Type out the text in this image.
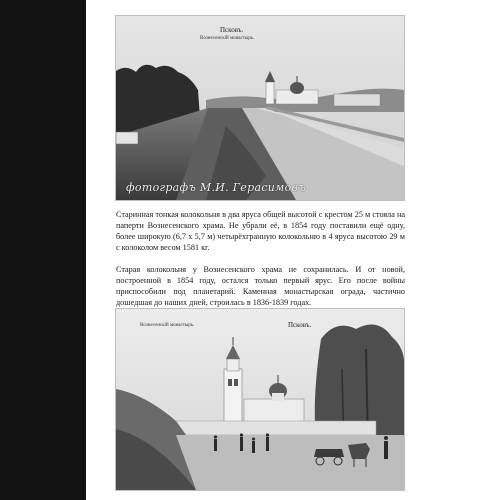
Псковъ.
Вознесенскій монастырь.
фотографъ М.И. Герасимовъ
Старинная тонкая колокольня в два яруса общей высотой с крестом 25 м стояла на паперти Вознесенского храма. Не убрали её, в 1854 году поставили ещё одну, более широкую (6,7 х 5,7 м) четырёхгранную колокольню в 4 яруса высотою 29 м с колоколом весом 1581 кг.
Старая колокольня у Вознесенского храма не сохранилась. И от новой, построенной в 1854 году, остался только первый ярус. Его после войны приспособили под планетарий. Каменная монастырская ограда, частично дошедшая до наших дней, строилась в 1836-1839 годах.
Вознесенскій монастырь.	Псковъ.
